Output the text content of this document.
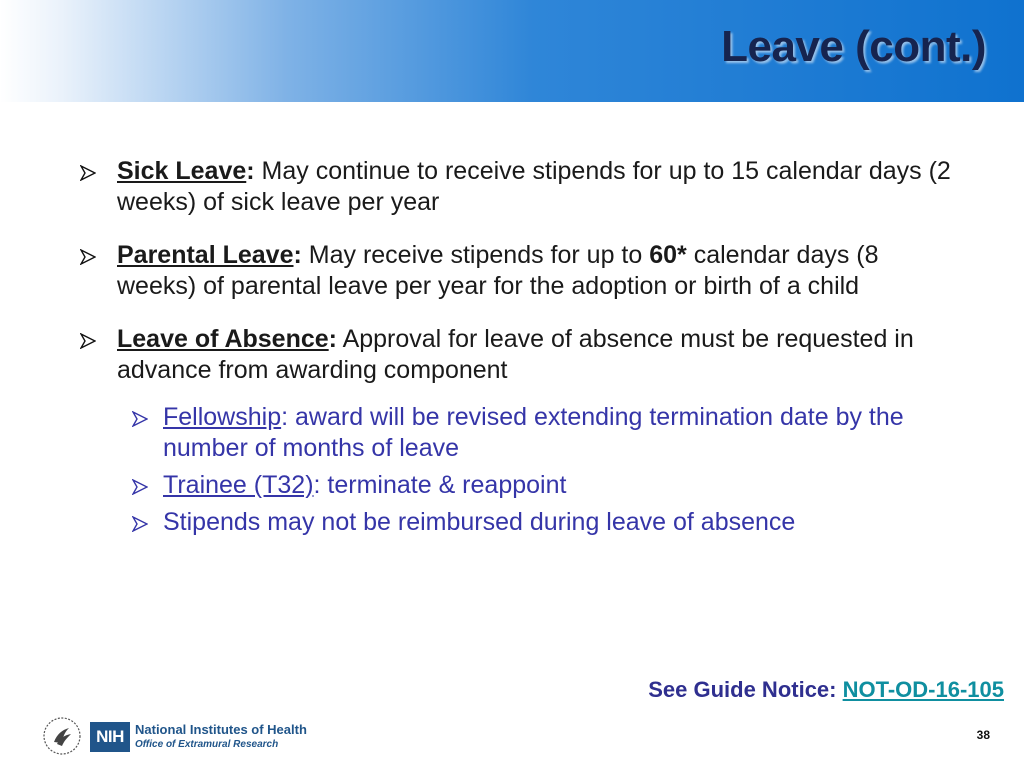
Leave (cont.)
Sick Leave: May continue to receive stipends for up to 15 calendar days (2 weeks) of sick leave per year
Parental Leave: May receive stipends for up to 60* calendar days (8 weeks) of parental leave per year for the adoption or birth of a child
Leave of Absence: Approval for leave of absence must be requested in advance from awarding component
Fellowship: award will be revised extending termination date by the number of months of leave
Trainee (T32): terminate & reappoint
Stipends may not be reimbursed during leave of absence
See Guide Notice: NOT-OD-16-105
NIH National Institutes of Health
Office of Extramural Research
38
